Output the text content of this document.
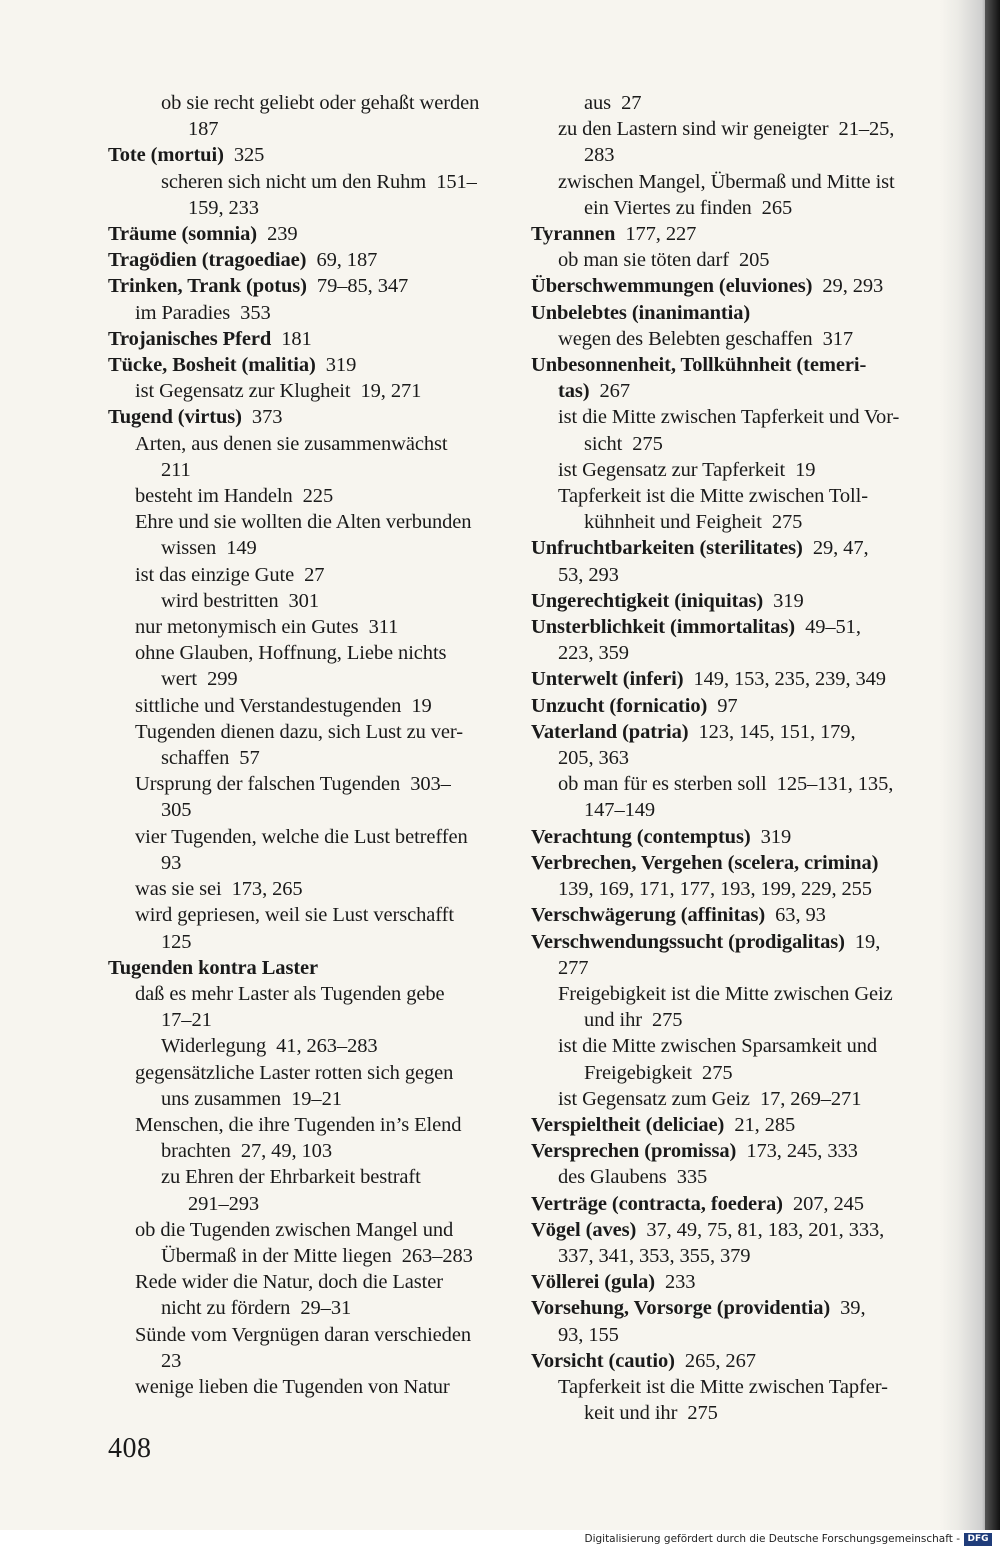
ob sie recht geliebt oder gehaßt werden
187
Tote (mortui)  325
scheren sich nicht um den Ruhm  151–
159, 233
Träume (somnia)  239
Tragödien (tragoediae)  69, 187
Trinken, Trank (potus)  79–85, 347
im Paradies  353
Trojanisches Pferd  181
Tücke, Bosheit (malitia)  319
ist Gegensatz zur Klugheit  19, 271
Tugend (virtus)  373
Arten, aus denen sie zusammenwächst
211
besteht im Handeln  225
Ehre und sie wollten die Alten verbunden
wissen  149
ist das einzige Gute  27
wird bestritten  301
nur metonymisch ein Gutes  311
ohne Glauben, Hoffnung, Liebe nichts
wert  299
sittliche und Verstandestugenden  19
Tugenden dienen dazu, sich Lust zu ver-
schaffen  57
Ursprung der falschen Tugenden  303–
305
vier Tugenden, welche die Lust betreffen
93
was sie sei  173, 265
wird gepriesen, weil sie Lust verschafft
125
Tugenden kontra Laster
daß es mehr Laster als Tugenden gebe
17–21
Widerlegung  41, 263–283
gegensätzliche Laster rotten sich gegen
uns zusammen  19–21
Menschen, die ihre Tugenden in’s Elend
brachten  27, 49, 103
zu Ehren der Ehrbarkeit bestraft
291–293
ob die Tugenden zwischen Mangel und
Übermaß in der Mitte liegen  263–283
Rede wider die Natur, doch die Laster
nicht zu fördern  29–31
Sünde vom Vergnügen daran verschieden
23
wenige lieben die Tugenden von Natur
aus  27
zu den Lastern sind wir geneigter  21–25,
283
zwischen Mangel, Übermaß und Mitte ist
ein Viertes zu finden  265
Tyrannen  177, 227
ob man sie töten darf  205
Überschwemmungen (eluviones)  29, 293
Unbelebtes (inanimantia)
wegen des Belebten geschaffen  317
Unbesonnenheit, Tollkühnheit (temeri-
tas)  267
ist die Mitte zwischen Tapferkeit und Vor-
sicht  275
ist Gegensatz zur Tapferkeit  19
Tapferkeit ist die Mitte zwischen Toll-
kühnheit und Feigheit  275
Unfruchtbarkeiten (sterilitates)  29, 47,
53, 293
Ungerechtigkeit (iniquitas)  319
Unsterblichkeit (immortalitas)  49–51,
223, 359
Unterwelt (inferi)  149, 153, 235, 239, 349
Unzucht (fornicatio)  97
Vaterland (patria)  123, 145, 151, 179,
205, 363
ob man für es sterben soll  125–131, 135,
147–149
Verachtung (contemptus)  319
Verbrechen, Vergehen (scelera, crimina)
139, 169, 171, 177, 193, 199, 229, 255
Verschwägerung (affinitas)  63, 93
Verschwendungssucht (prodigalitas)  19,
277
Freigebigkeit ist die Mitte zwischen Geiz
und ihr  275
ist die Mitte zwischen Sparsamkeit und
Freigebigkeit  275
ist Gegensatz zum Geiz  17, 269–271
Verspieltheit (deliciae)  21, 285
Versprechen (promissa)  173, 245, 333
des Glaubens  335
Verträge (contracta, foedera)  207, 245
Vögel (aves)  37, 49, 75, 81, 183, 201, 333,
337, 341, 353, 355, 379
Völlerei (gula)  233
Vorsehung, Vorsorge (providentia)  39,
93, 155
Vorsicht (cautio)  265, 267
Tapferkeit ist die Mitte zwischen Tapfer-
keit und ihr  275
408
Digitalisierung gefördert durch die Deutsche Forschungsgemeinschaft - DFG
